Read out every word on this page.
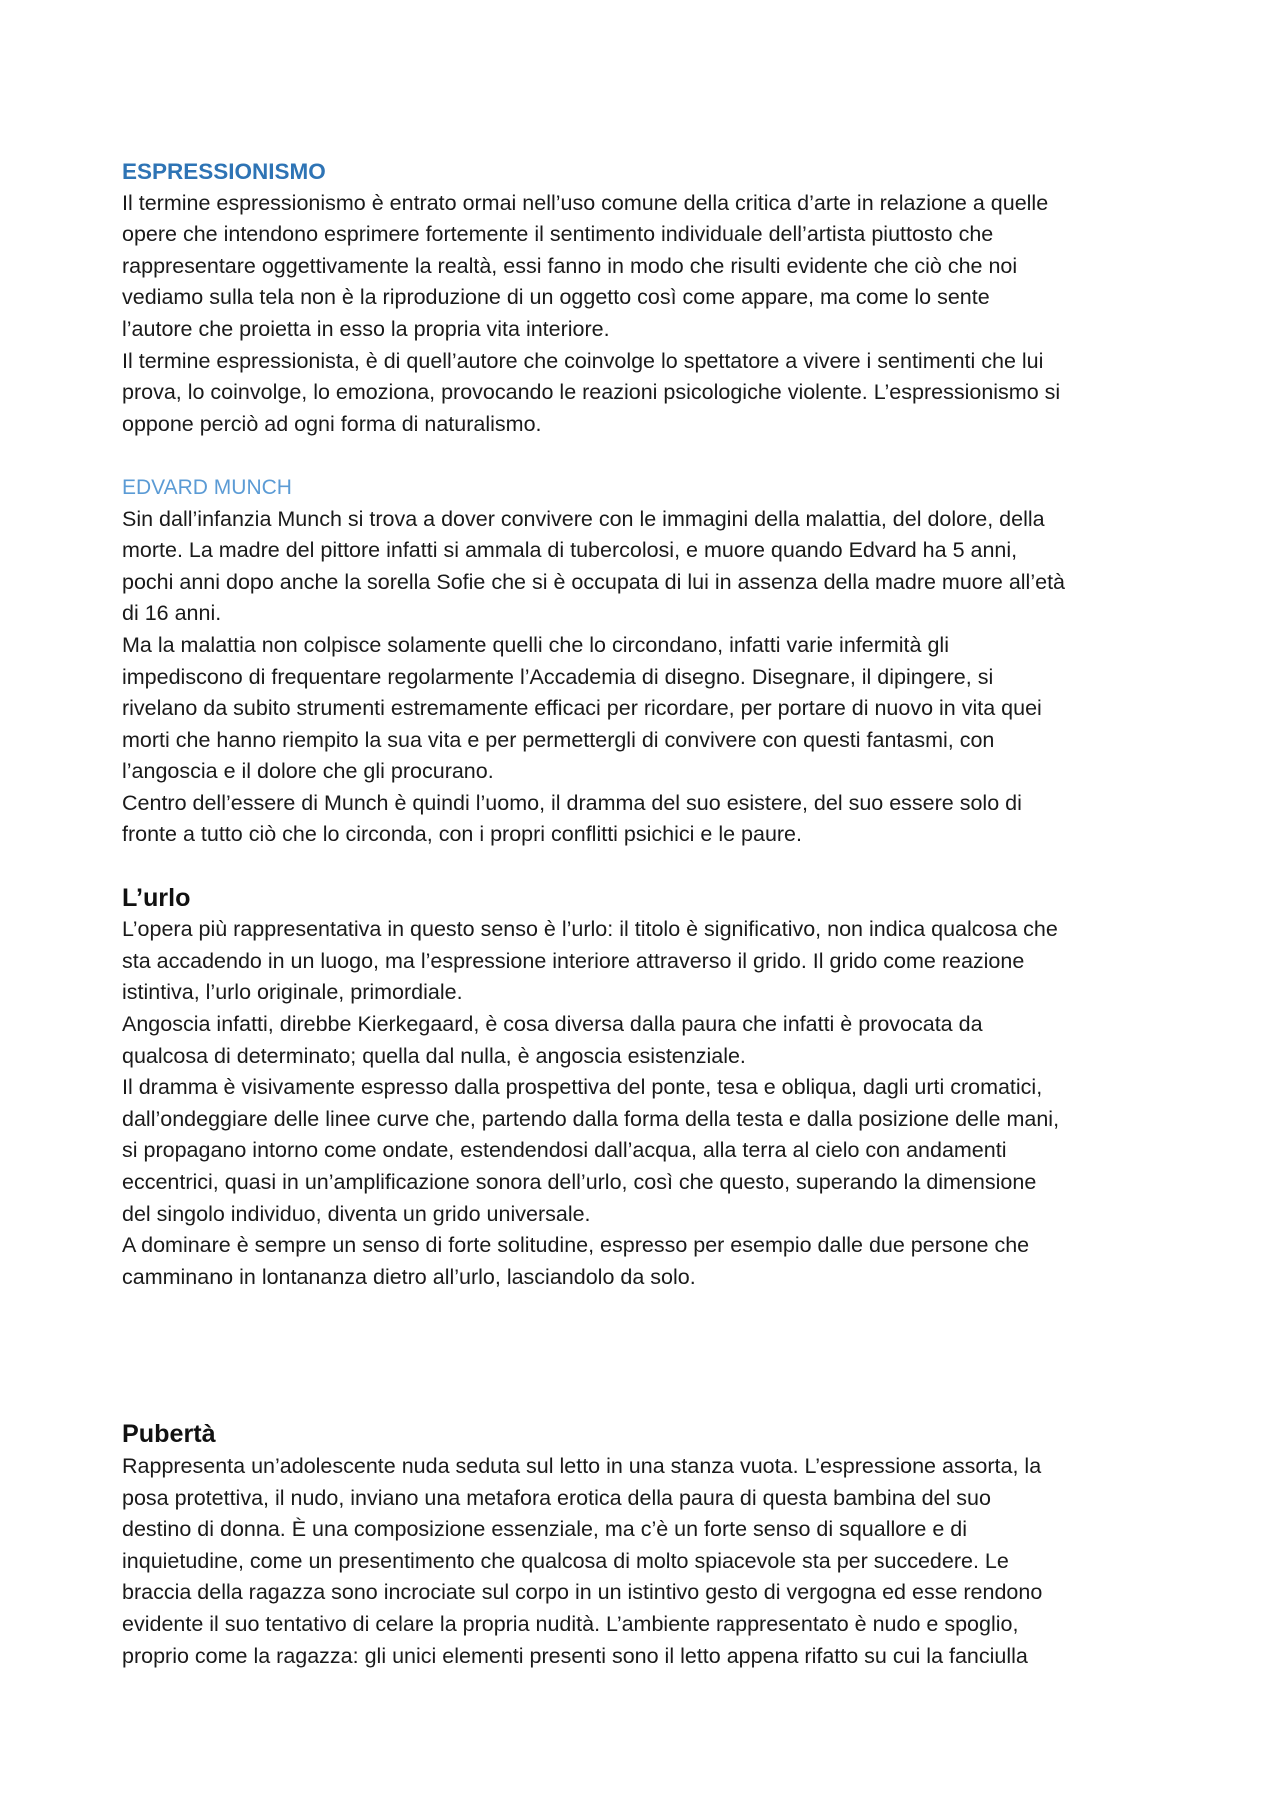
ESPRESSIONISMO

Il termine espressionismo è entrato ormai nell’uso comune della critica d’arte in relazione a quelle

opere che intendono esprimere fortemente il sentimento individuale dell’artista piuttosto che

rappresentare oggettivamente la realtà, essi fanno in modo che risulti evidente che ciò che noi

vediamo sulla tela non è la riproduzione di un oggetto così come appare, ma come lo sente

l’autore che proietta in esso la propria vita interiore.

Il termine espressionista, è di quell’autore che coinvolge lo spettatore a vivere i sentimenti che lui

prova, lo coinvolge, lo emoziona, provocando le reazioni psicologiche violente. L’espressionismo si

oppone perciò ad ogni forma di naturalismo.

EDVARD MUNCH

Sin dall’infanzia Munch si trova a dover convivere con le immagini della malattia, del dolore, della

morte. La madre del pittore infatti si ammala di tubercolosi, e muore quando Edvard ha 5 anni,

pochi anni dopo anche la sorella Sofie che si è occupata di lui in assenza della madre muore all’età

di 16 anni.

Ma la malattia non colpisce solamente quelli che lo circondano, infatti varie infermità gli

impediscono di frequentare regolarmente l’Accademia di disegno. Disegnare, il dipingere, si

rivelano da subito strumenti estremamente efficaci per ricordare, per portare di nuovo in vita quei

morti che hanno riempito la sua vita e per permettergli di convivere con questi fantasmi, con

l’angoscia e il dolore che gli procurano.

Centro dell’essere di Munch è quindi l’uomo, il dramma del suo esistere, del suo essere solo di

fronte a tutto ciò che lo circonda, con i propri conflitti psichici e le paure.

L’urlo

L’opera più rappresentativa in questo senso è l’urlo: il titolo è significativo, non indica qualcosa che

sta accadendo in un luogo, ma l’espressione interiore attraverso il grido. Il grido come reazione

istintiva, l’urlo originale, primordiale.

Angoscia infatti, direbbe Kierkegaard, è cosa diversa dalla paura che infatti è provocata da

qualcosa di determinato; quella dal nulla, è angoscia esistenziale.

Il dramma è visivamente espresso dalla prospettiva del ponte, tesa e obliqua, dagli urti cromatici,

dall’ondeggiare delle linee curve che, partendo dalla forma della testa e dalla posizione delle mani,

si propagano intorno come ondate, estendendosi dall’acqua, alla terra al cielo con andamenti

eccentrici, quasi in un’amplificazione sonora dell’urlo, così che questo, superando la dimensione

del singolo individuo, diventa un grido universale.

A dominare è sempre un senso di forte solitudine, espresso per esempio dalle due persone che

camminano in lontananza dietro all’urlo, lasciandolo da solo.

Pubertà

Rappresenta un’adolescente nuda seduta sul letto in una stanza vuota. L’espressione assorta, la

posa protettiva, il nudo, inviano una metafora erotica della paura di questa bambina del suo

destino di donna. È una composizione essenziale, ma c’è un forte senso di squallore e di

inquietudine, come un presentimento che qualcosa di molto spiacevole sta per succedere. Le

braccia della ragazza sono incrociate sul corpo in un istintivo gesto di vergogna ed esse rendono

evidente il suo tentativo di celare la propria nudità. L’ambiente rappresentato è nudo e spoglio,

proprio come la ragazza: gli unici elementi presenti sono il letto appena rifatto su cui la fanciulla
